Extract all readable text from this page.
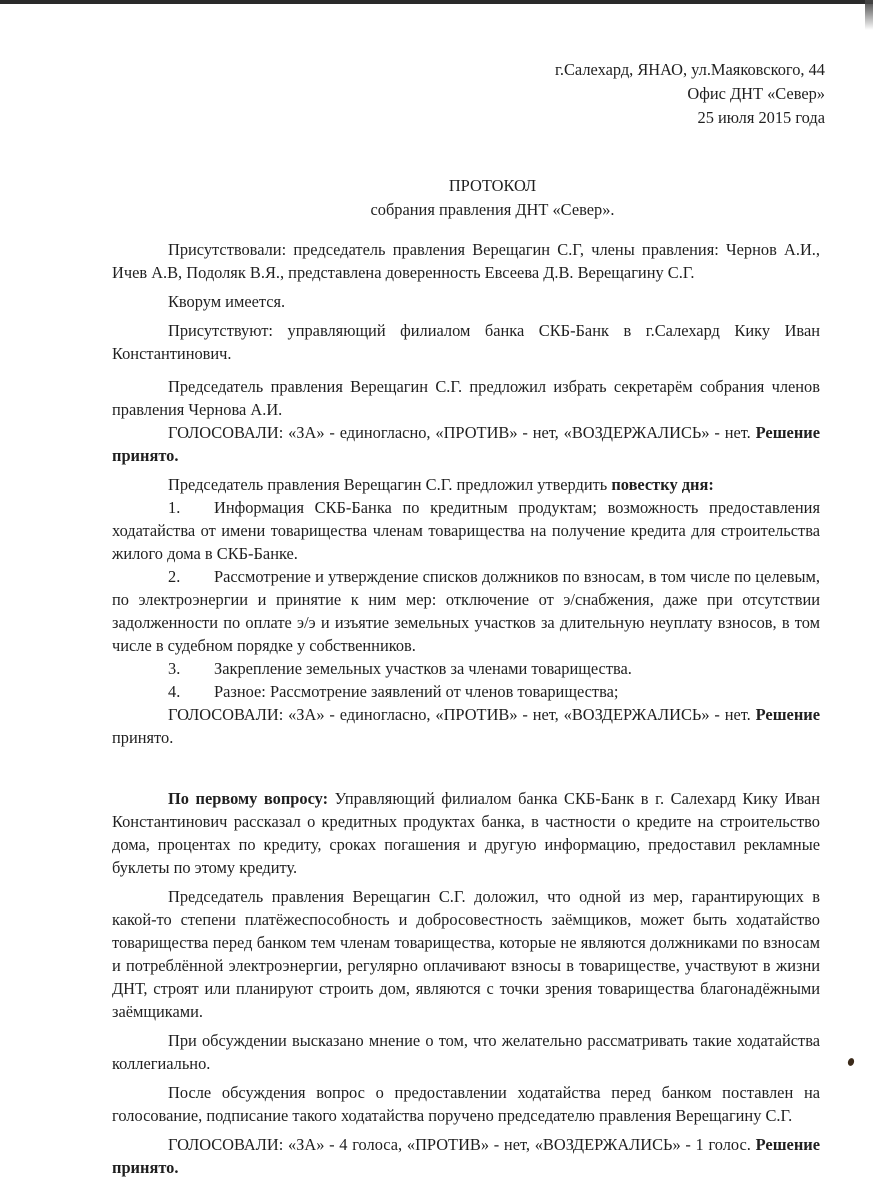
г.Салехард, ЯНАО, ул.Маяковского, 44
Офис ДНТ «Север»
25 июля 2015 года
ПРОТОКОЛ
собрания правления ДНТ «Север».

Присутствовали: председатель правления Верещагин С.Г, члены правления: Чернов А.И., Ичев А.В, Подоляк В.Я., представлена доверенность Евсеева Д.В. Верещагину С.Г.

Кворум имеется.

Присутствуют: управляющий филиалом банка СКБ-Банк в г.Салехард Кику Иван Константинович.

Председатель правления Верещагин С.Г. предложил избрать секретарём собрания членов правления Чернова А.И.

ГОЛОСОВАЛИ: «ЗА» - единогласно, «ПРОТИВ» - нет, «ВОЗДЕРЖАЛИСЬ» - нет. Решение принято.

Председатель правления Верещагин С.Г. предложил утвердить повестку дня:

1. Информация СКБ-Банка по кредитным продуктам; возможность предоставления ходатайства от имени товарищества членам товарищества на получение кредита для строительства жилого дома в СКБ-Банке.

2. Рассмотрение и утверждение списков должников по взносам, в том числе по целевым, по электроэнергии и принятие к ним мер: отключение от э/снабжения, даже при отсутствии задолженности по оплате э/э и изъятие земельных участков за длительную неуплату взносов, в том числе в судебном порядке у собственников.

3. Закрепление земельных участков за членами товарищества.

4. Разное: Рассмотрение заявлений от членов товарищества;

ГОЛОСОВАЛИ: «ЗА» - единогласно, «ПРОТИВ» - нет, «ВОЗДЕРЖАЛИСЬ» - нет. Решение принято.

По первому вопросу: Управляющий филиалом банка СКБ-Банк в г. Салехард Кику Иван Константинович рассказал о кредитных продуктах банка, в частности о кредите на строительство дома, процентах по кредиту, сроках погашения и другую информацию, предоставил рекламные буклеты по этому кредиту.

Председатель правления Верещагин С.Г. доложил, что одной из мер, гарантирующих в какой-то степени платёжеспособность и добросовестность заёмщиков, может быть ходатайство товарищества перед банком тем членам товарищества, которые не являются должниками по взносам и потреблённой электроэнергии, регулярно оплачивают взносы в товариществе, участвуют в жизни ДНТ, строят или планируют строить дом, являются с точки зрения товарищества благонадёжными заёмщиками.

При обсуждении высказано мнение о том, что желательно рассматривать такие ходатайства коллегиально.

После обсуждения вопрос о предоставлении ходатайства перед банком поставлен на голосование, подписание такого ходатайства поручено председателю правления Верещагину С.Г.

ГОЛОСОВАЛИ: «ЗА» - 4 голоса, «ПРОТИВ» - нет, «ВОЗДЕРЖАЛИСЬ» - 1 голос. Решение принято.
